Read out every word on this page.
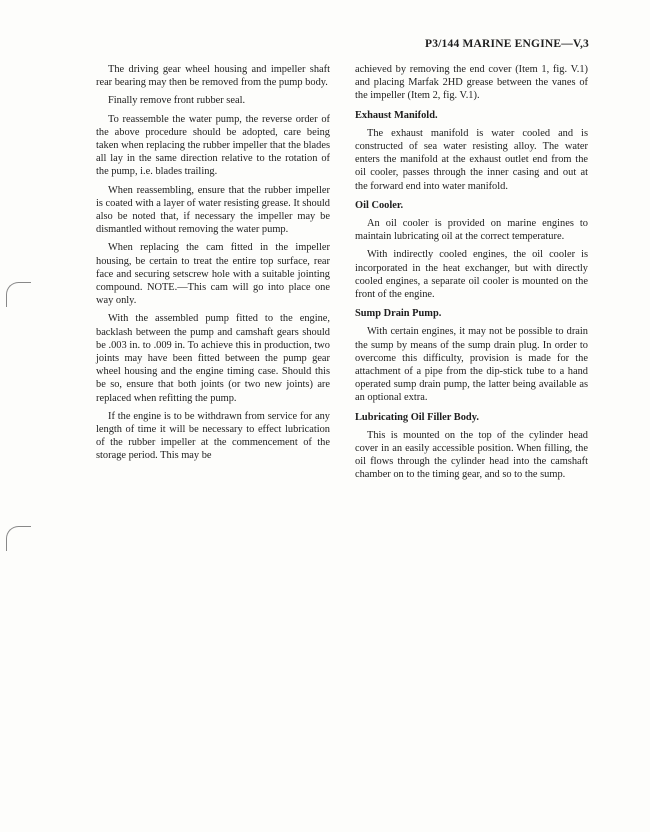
P3/144 MARINE ENGINE—V,3

The driving gear wheel housing and impeller shaft rear bearing may then be removed from the pump body.

Finally remove front rubber seal.

To reassemble the water pump, the reverse order of the above procedure should be adopted, care being taken when replacing the rubber impeller that the blades all lay in the same direction relative to the rotation of the pump, i.e. blades trailing.

When reassembling, ensure that the rubber impeller is coated with a layer of water resisting grease. It should also be noted that, if necessary the impeller may be dismantled without removing the water pump.

When replacing the cam fitted in the impeller housing, be certain to treat the entire top surface, rear face and securing setscrew hole with a suitable jointing compound. NOTE.—This cam will go into place one way only.

With the assembled pump fitted to the engine, backlash between the pump and camshaft gears should be .003 in. to .009 in. To achieve this in production, two joints may have been fitted between the pump gear wheel housing and the engine timing case. Should this be so, ensure that both joints (or two new joints) are replaced when refitting the pump.

If the engine is to be withdrawn from service for any length of time it will be necessary to effect lubrication of the rubber impeller at the commencement of the storage period. This may be

achieved by removing the end cover (Item 1, fig. V.1) and placing Marfak 2HD grease between the vanes of the impeller (Item 2, fig. V.1).

Exhaust Manifold.

The exhaust manifold is water cooled and is constructed of sea water resisting alloy. The water enters the manifold at the exhaust outlet end from the oil cooler, passes through the inner casing and out at the forward end into water manifold.

Oil Cooler.

An oil cooler is provided on marine engines to maintain lubricating oil at the correct temperature.

With indirectly cooled engines, the oil cooler is incorporated in the heat exchanger, but with directly cooled engines, a separate oil cooler is mounted on the front of the engine.

Sump Drain Pump.

With certain engines, it may not be possible to drain the sump by means of the sump drain plug. In order to overcome this difficulty, provision is made for the attachment of a pipe from the dip-stick tube to a hand operated sump drain pump, the latter being available as an optional extra.

Lubricating Oil Filler Body.

This is mounted on the top of the cylinder head cover in an easily accessible position. When filling, the oil flows through the cylinder head into the camshaft chamber on to the timing gear, and so to the sump.
